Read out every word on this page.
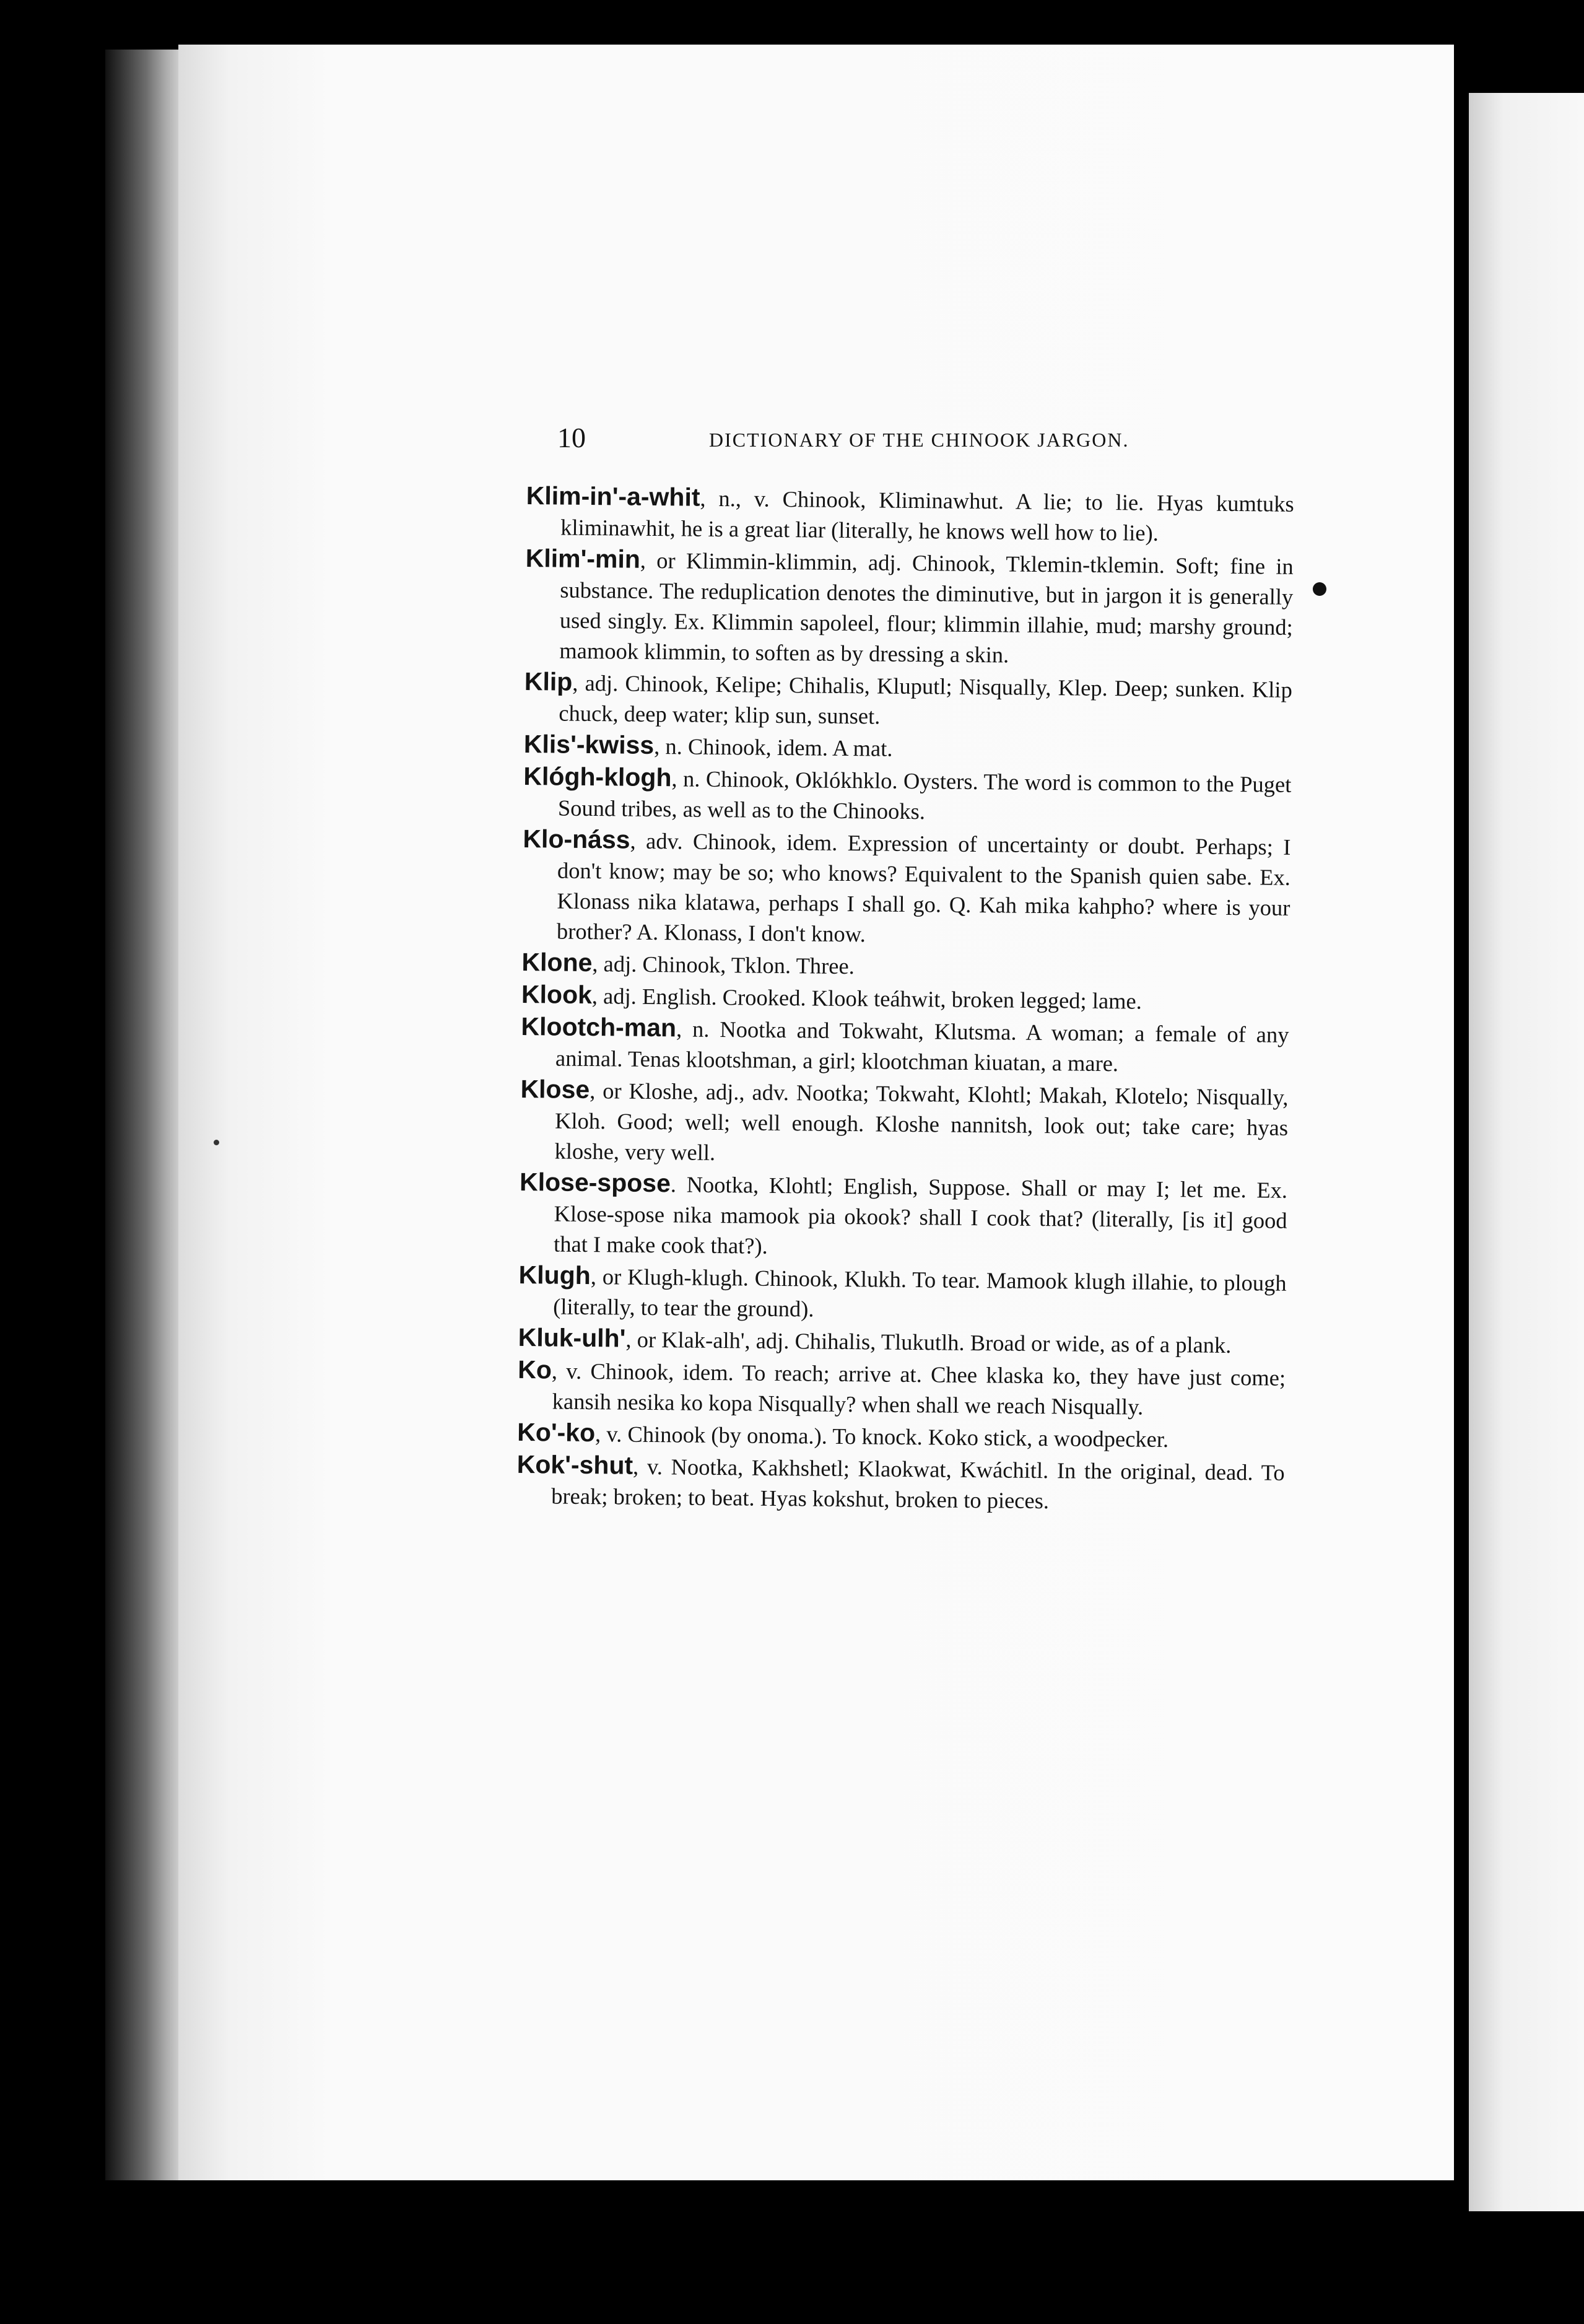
10	DICTIONARY OF THE CHINOOK JARGON.

Klim-in'-a-whit, n., v. Chinook, Kliminawhut. A lie; to lie. Hyas kumtuks kliminawhit, he is a great liar (literally, he knows well how to lie).

Klim'-min, or Klimmin-klimmin, adj. Chinook, Tklemin-tklemin. Soft; fine in substance. The reduplication denotes the diminutive, but in jargon it is generally used singly. Ex. Klimmin sapoleel, flour; klimmin illahie, mud; marshy ground; mamook klimmin, to soften as by dressing a skin.

Klip, adj. Chinook, Kelipe; Chihalis, Kluputl; Nisqually, Klep. Deep; sunken. Klip chuck, deep water; klip sun, sunset.

Klis'-kwiss, n. Chinook, idem. A mat.

Klógh-klogh, n. Chinook, Oklókhklo. Oysters. The word is common to the Puget Sound tribes, as well as to the Chinooks.

Klo-náss, adv. Chinook, idem. Expression of uncertainty or doubt. Perhaps; I don't know; may be so; who knows? Equivalent to the Spanish quien sabe. Ex. Klonass nika klatawa, perhaps I shall go. Q. Kah mika kahpho? where is your brother? A. Klonass, I don't know.

Klone, adj. Chinook, Tklon. Three.

Klook, adj. English. Crooked. Klook teáhwit, broken legged; lame.

Klootch-man, n. Nootka and Tokwaht, Klutsma. A woman; a female of any animal. Tenas klootshman, a girl; klootchman kiuatan, a mare.

Klose, or Kloshe, adj., adv. Nootka; Tokwaht, Klohtl; Makah, Klotelo; Nisqually, Kloh. Good; well; well enough. Kloshe nannitsh, look out; take care; hyas kloshe, very well.

Klose-spose. Nootka, Klohtl; English, Suppose. Shall or may I; let me. Ex. Klose-spose nika mamook pia okook? shall I cook that? (literally, [is it] good that I make cook that?).

Klugh, or Klugh-klugh. Chinook, Klukh. To tear. Mamook klugh illahie, to plough (literally, to tear the ground).

Kluk-ulh', or Klak-alh', adj. Chihalis, Tlukutlh. Broad or wide, as of a plank.

Ko, v. Chinook, idem. To reach; arrive at. Chee klaska ko, they have just come; kansih nesika ko kopa Nisqually? when shall we reach Nisqually.

Ko'-ko, v. Chinook (by onoma.). To knock. Koko stick, a woodpecker.

Kok'-shut, v. Nootka, Kakhshetl; Klaokwat, Kwáchitl. In the original, dead. To break; broken; to beat. Hyas kokshut, broken to pieces.
